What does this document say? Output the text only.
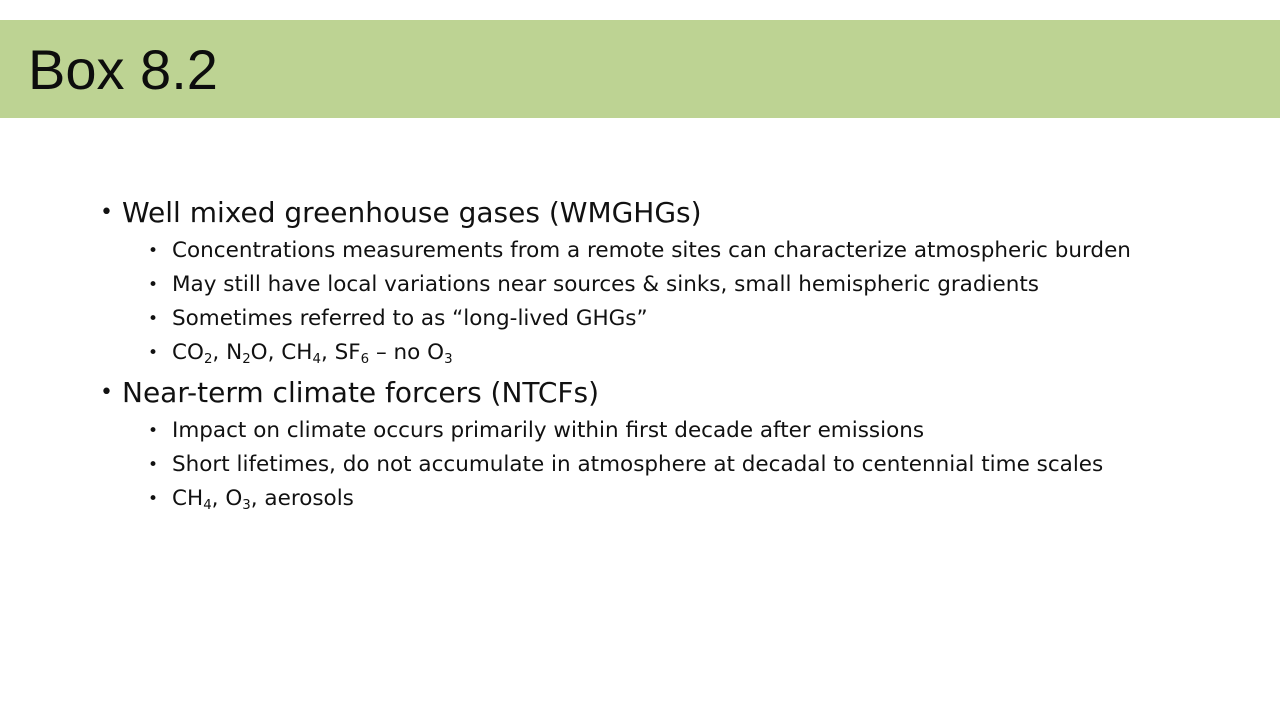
Box 8.2
• Well mixed greenhouse gases (WMGHGs)
• Concentrations measurements from a remote sites can characterize atmospheric burden
• May still have local variations near sources & sinks, small hemispheric gradients
• Sometimes referred to as “long-lived GHGs”
• $CO_2$, $N_2O$, $CH_4$, $SF_6$ – no $O_3$
• Near-term climate forcers (NTCFs)
• Impact on climate occurs primarily within first decade after emissions
• Short lifetimes, do not accumulate in atmosphere at decadal to centennial time scales
• $CH_4$, $O_3$, aerosols
